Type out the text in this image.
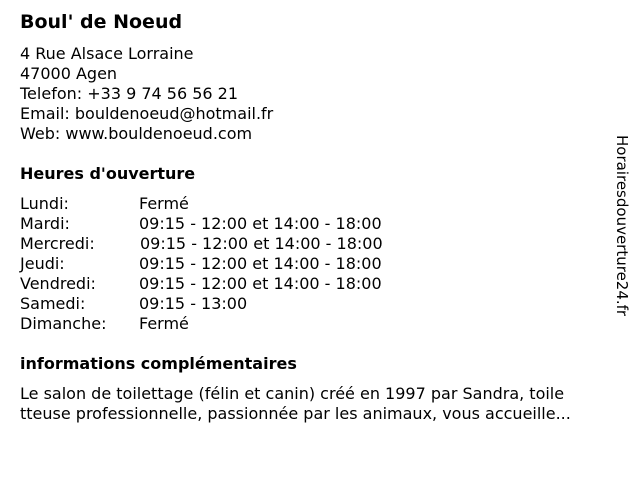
Boul' de Noeud
4 Rue Alsace Lorraine
47000 Agen
Telefon: +33 9 74 56 56 21
Email: bouldenoeud@hotmail.fr
Web: www.bouldenoeud.com
Heures d'ouverture
Lundi:	Fermé
Mardi:	09:15 - 12:00 et 14:00 - 18:00
Mercredi:	09:15 - 12:00 et 14:00 - 18:00
Jeudi:	09:15 - 12:00 et 14:00 - 18:00
Vendredi:	09:15 - 12:00 et 14:00 - 18:00
Samedi:	09:15 - 13:00
Dimanche: Fermé
informations complémentaires
Le salon de toilettage (félin et canin) créé en 1997 par Sandra, toile
tteuse professionnelle, passionnée par les animaux, vous accueille...
Horairesdouverture24.fr
